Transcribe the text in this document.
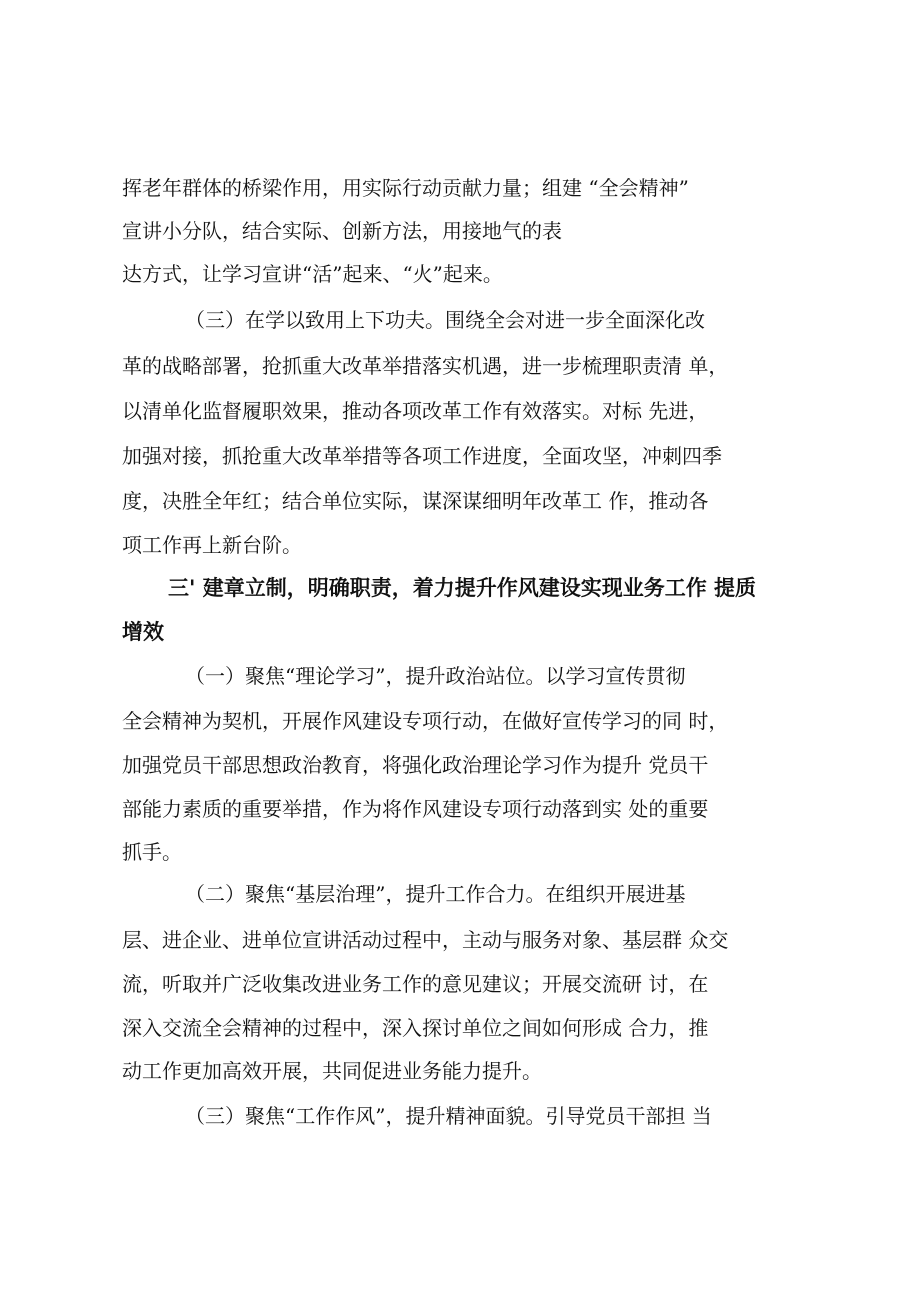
挥老年群体的桥梁作用，用实际行动贡献力量；组建 “全会精神”
宣讲小分队，结合实际、创新方法，用接地气的表
达方式，让学习宣讲“活”起来、“火”起来。
（三）在学以致用上下功夫。围绕全会对进一步全面深化改
革的战略部署，抢抓重大改革举措落实机遇，进一步梳理职责清 单，
以清单化监督履职效果，推动各项改革工作有效落实。对标 先进，
加强对接，抓抢重大改革举措等各项工作进度，全面攻坚，冲刺四季
度，决胜全年红；结合单位实际，谋深谋细明年改革工 作，推动各
项工作再上新台阶。
三' 建章立制，明确职责，着力提升作风建设实现业务工作 提质
增效
（一）聚焦“理论学习”，提升政治站位。以学习宣传贯彻
全会精神为契机，开展作风建设专项行动，在做好宣传学习的同 时，
加强党员干部思想政治教育，将强化政治理论学习作为提升 党员干
部能力素质的重要举措，作为将作风建设专项行动落到实 处的重要
抓手。
（二）聚焦“基层治理”，提升工作合力。在组织开展进基
层、进企业、进单位宣讲活动过程中，主动与服务对象、基层群 众交
流，听取并广泛收集改进业务工作的意见建议；开展交流研 讨，在
深入交流全会精神的过程中，深入探讨单位之间如何形成 合力，推
动工作更加高效开展，共同促进业务能力提升。
（三）聚焦“工作作风”，提升精神面貌。引导党员干部担 当
